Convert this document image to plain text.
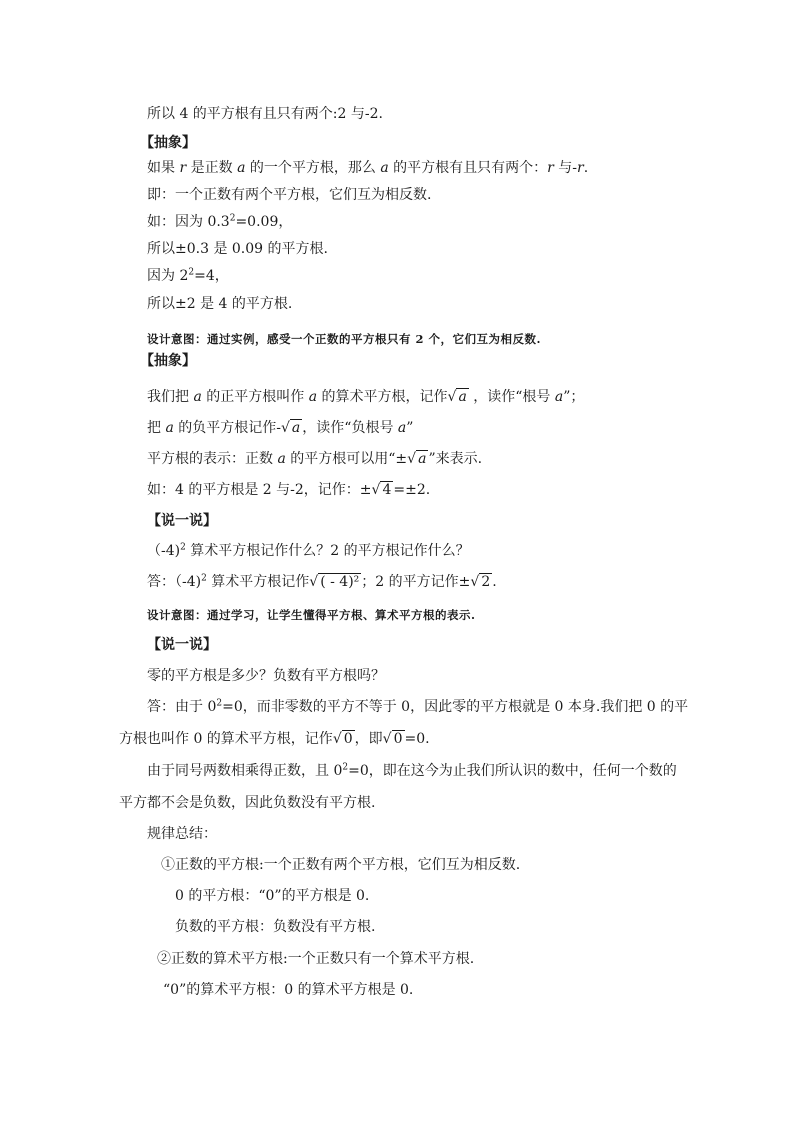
所以 4 的平方根有且只有两个:2 与-2.
【抽象】
如果 r 是正数 a 的一个平方根，那么 a 的平方根有且只有两个：r 与-r.
即：一个正数有两个平方根，它们互为相反数.
如：因为 $0.3^2=0.09$，
所以±0.3 是 0.09 的平方根.
因为 $2^2=4$，
所以±2 是 4 的平方根.
设计意图：通过实例，感受一个正数的平方根只有 2 个，它们互为相反数.
【抽象】
我们把 a 的正平方根叫作 a 的算术平方根，记作√ a ，读作“根号 a”；
把 a 的负平方根记作-√ a ，读作“负根号 a”
平方根的表示：正数 a 的平方根可以用“±√ a ”来表示.
如：4 的平方根是 2 与-2，记作：±√ 4 =±2.
【说一说】
（-4)$^2$ 算术平方根记作什么？2 的平方根记作什么？
答：（-4)$^2$ 算术平方根记作√ ( - 4)² ；2 的平方记作±√ 2 .
设计意图：通过学习，让学生懂得平方根、算术平方根的表示.
【说一说】
零的平方根是多少？负数有平方根吗？
答：由于 $0^2=0$，而非零数的平方不等于 0，因此零的平方根就是 0 本身.我们把 0 的平
方根也叫作 0 的算术平方根，记作√ 0 ，即√ 0 =0.
由于同号两数相乘得正数，且 $0^2=0$，即在这今为止我们所认识的数中，任何一个数的
平方都不会是负数，因此负数没有平方根.
规律总结：
①正数的平方根:一个正数有两个平方根，它们互为相反数.
0 的平方根：“0”的平方根是 0.
负数的平方根：负数没有平方根.
②正数的算术平方根:一个正数只有一个算术平方根.
“0”的算术平方根：0 的算术平方根是 0.
